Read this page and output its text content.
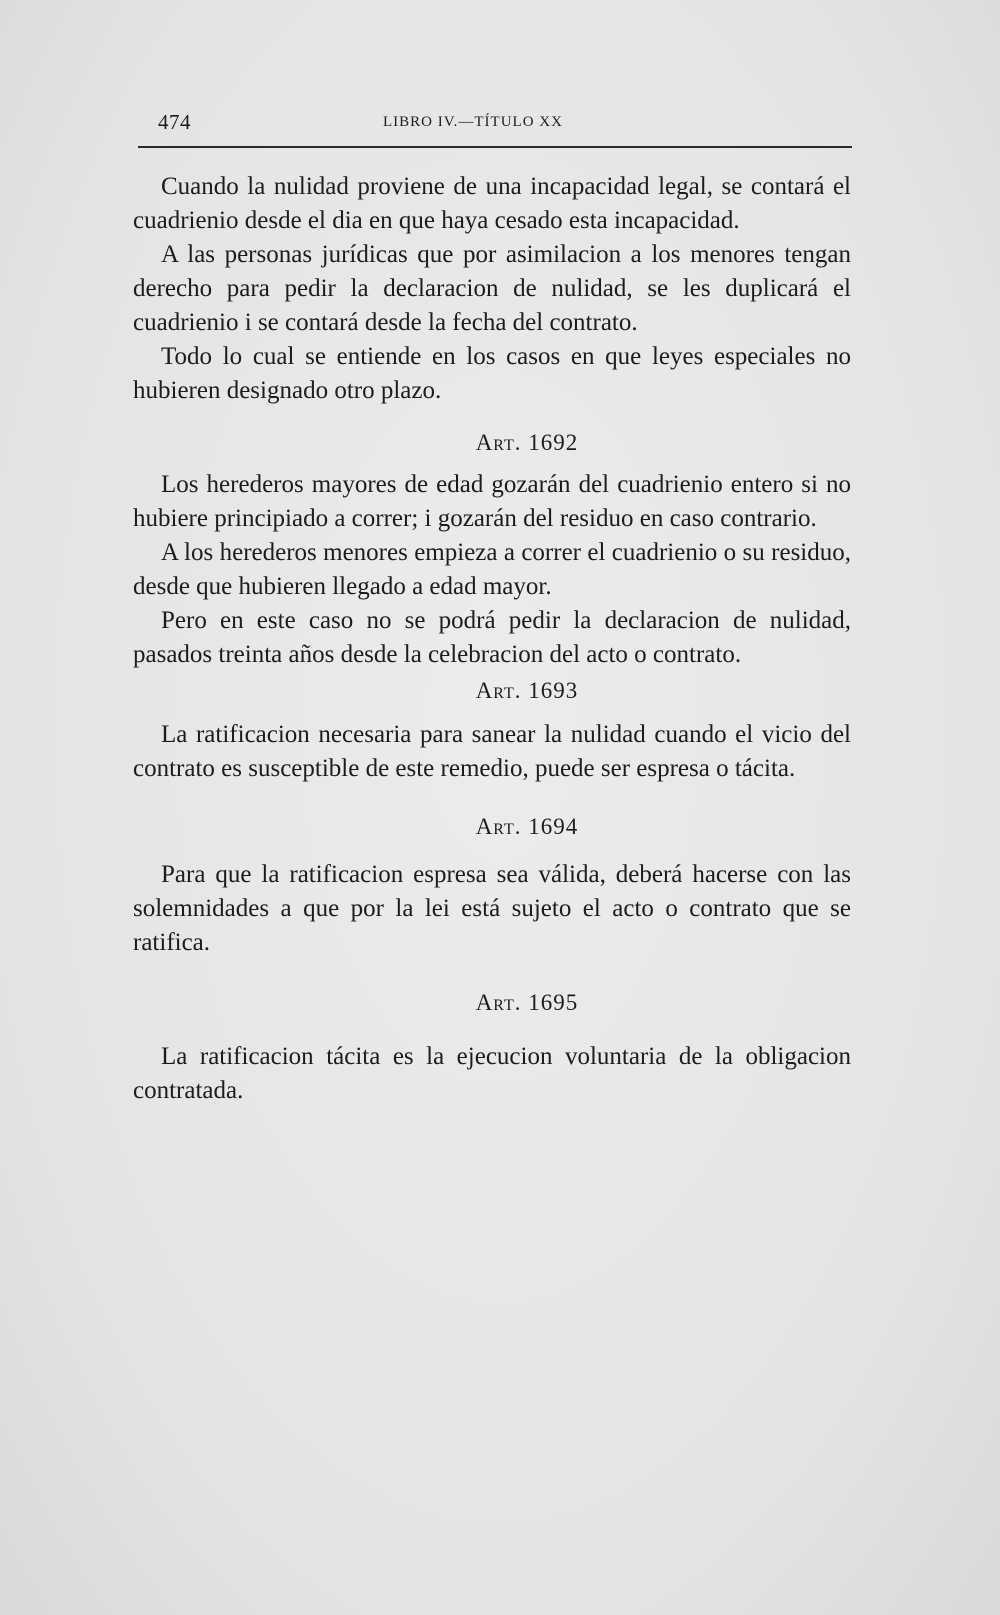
474	LIBRO IV.—TÍTULO XX

Cuando la nulidad proviene de una incapacidad legal, se contará el cuadrienio desde el dia en que haya cesado esta incapacidad.

A las personas jurídicas que por asimilacion a los menores tengan derecho para pedir la declaracion de nulidad, se les duplicará el cuadrienio i se contará desde la fecha del contrato.

Todo lo cual se entiende en los casos en que leyes especiales no hubieren designado otro plazo.

Art. 1692

Los herederos mayores de edad gozarán del cuadrienio entero si no hubiere principiado a correr; i gozarán del residuo en caso contrario.

A los herederos menores empieza a correr el cuadrienio o su residuo, desde que hubieren llegado a edad mayor.

Pero en este caso no se podrá pedir la declaracion de nulidad, pasados treinta años desde la celebracion del acto o contrato.

Art. 1693

La ratificacion necesaria para sanear la nulidad cuando el vicio del contrato es susceptible de este remedio, puede ser espresa o tácita.

Art. 1694

Para que la ratificacion espresa sea válida, deberá hacerse con las solemnidades a que por la lei está sujeto el acto o contrato que se ratifica.

Art. 1695

La ratificacion tácita es la ejecucion voluntaria de la obligacion contratada.
